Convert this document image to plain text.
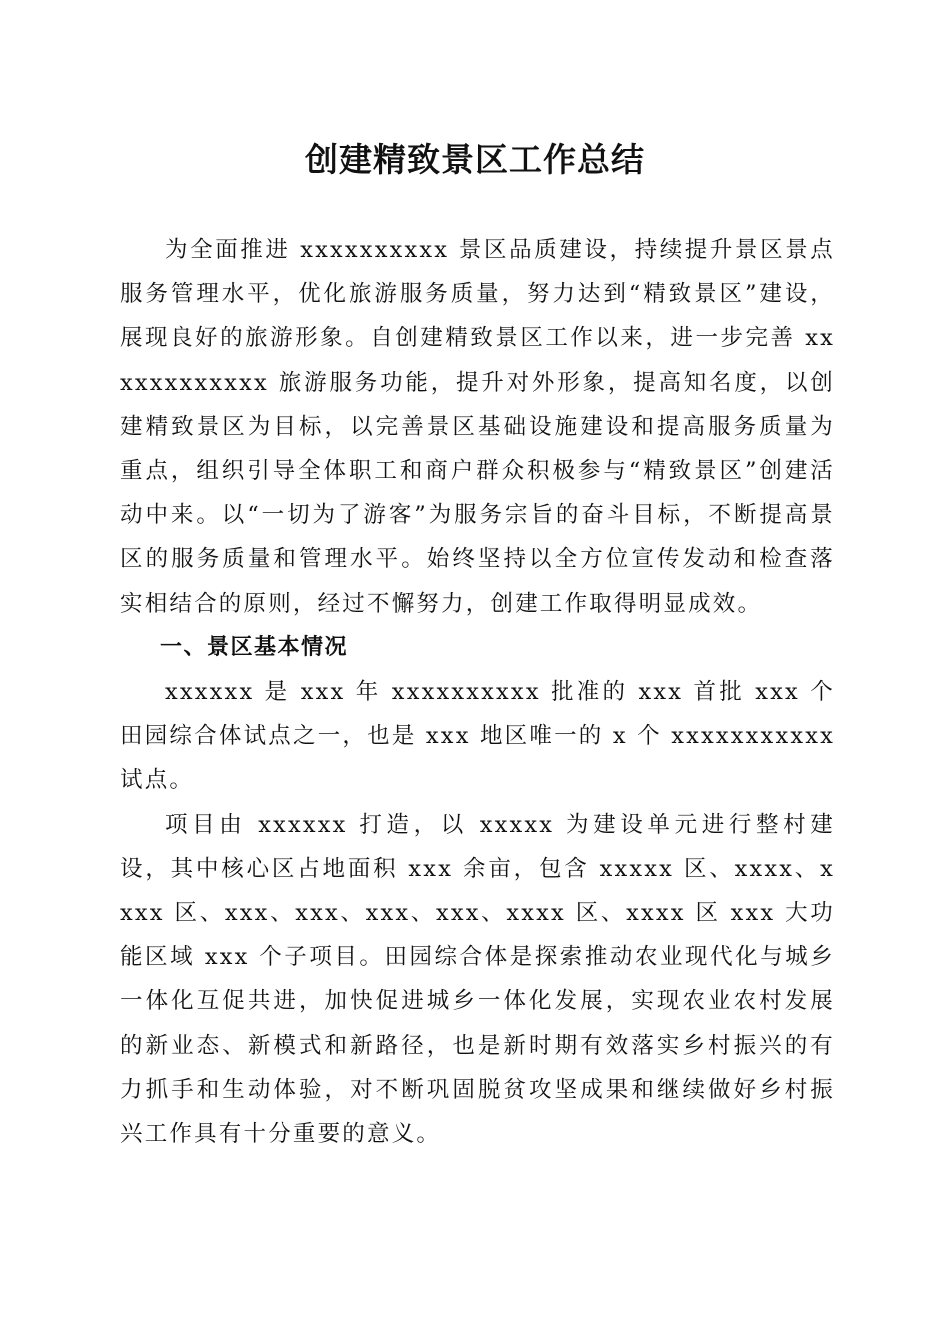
创建精致景区工作总结

为全面推进 xxxxxxxxxx 景区品质建设，持续提升景区景点服务管理水平，优化旅游服务质量，努力达到“精致景区”建设，展现良好的旅游形象。自创建精致景区工作以来，进一步完善 xxxxxxxxxxxx 旅游服务功能，提升对外形象，提高知名度，以创建精致景区为目标，以完善景区基础设施建设和提高服务质量为重点，组织引导全体职工和商户群众积极参与“精致景区”创建活动中来。以“一切为了游客”为服务宗旨的奋斗目标，不断提高景区的服务质量和管理水平。始终坚持以全方位宣传发动和检查落实相结合的原则，经过不懈努力，创建工作取得明显成效。

一、景区基本情况

xxxxxx 是 xxx 年 xxxxxxxxxx 批准的 xxx 首批 xxx 个田园综合体试点之一，也是 xxx 地区唯一的 x 个 xxxxxxxxxxx 试点。

项目由 xxxxxx 打造，以 xxxxx 为建设单元进行整村建设，其中核心区占地面积 xxx 余亩，包含 xxxxx 区、xxxx、xxxx 区、xxx、xxx、xxx、xxx、xxxx 区、xxxx 区 xxx 大功能区域 xxx 个子项目。田园综合体是探索推动农业现代化与城乡一体化互促共进，加快促进城乡一体化发展，实现农业农村发展的新业态、新模式和新路径，也是新时期有效落实乡村振兴的有力抓手和生动体验，对不断巩固脱贫攻坚成果和继续做好乡村振兴工作具有十分重要的意义。
